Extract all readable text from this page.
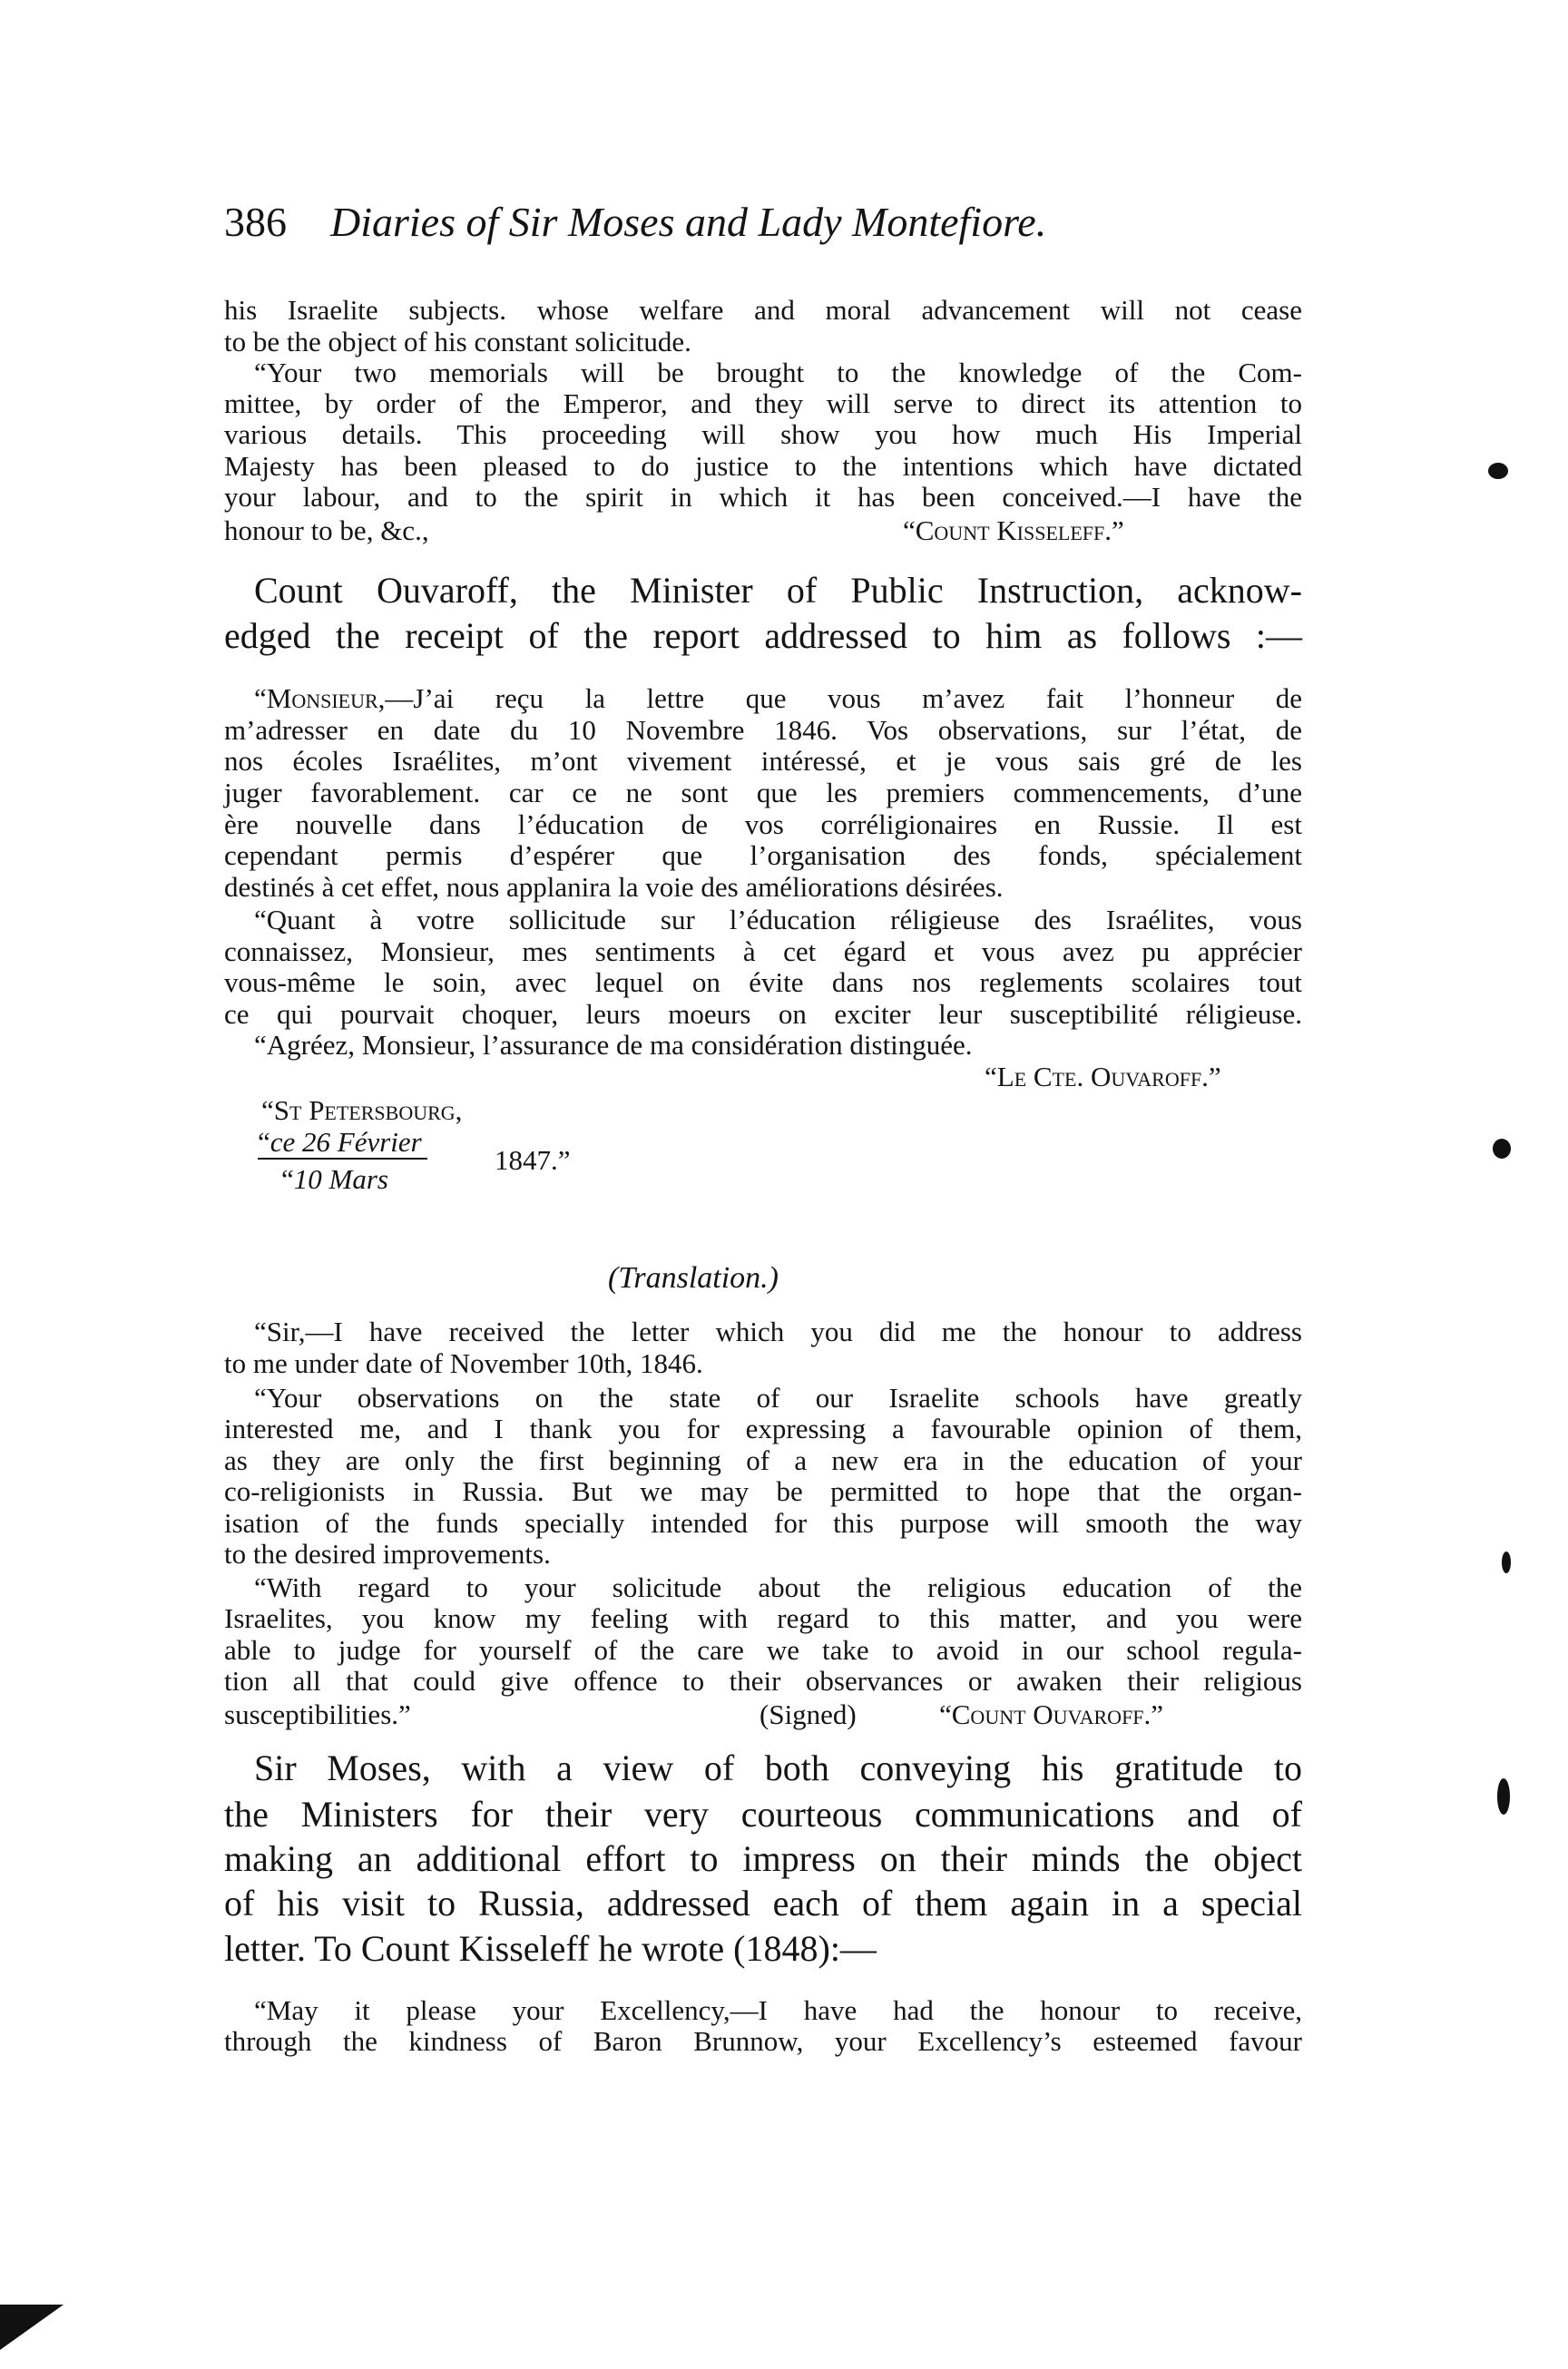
386 Diaries of Sir Moses and Lady Montefiore.
honour to be, &c.,	“Count Kisseleff.”
“Monsieur,—J’ai reçu la lettre que vous m’avez fait l’honneur de
“Le Cte. Ouvaroff.”
“St Petersbourg,
“ce 26 Février
“10 Mars
1847.”
(Translation.)
susceptibilities.”	(Signed)	“Count Ouvaroff.”
his Israelite subjects. whose welfare and moral advancement will not cease
to be the object of his constant solicitude.
“Your two memorials will be brought to the knowledge of the Com-
mittee, by order of the Emperor, and they will serve to direct its attention to
various details. This proceeding will show you how much His Imperial
Majesty has been pleased to do justice to the intentions which have dictated
your labour, and to the spirit in which it has been conceived.—I have the
Count Ouvaroff, the Minister of Public Instruction, acknow-
edged the receipt of the report addressed to him as follows :—
m’adresser en date du 10 Novembre 1846. Vos observations, sur l’état, de
nos écoles Israélites, m’ont vivement intéressé, et je vous sais gré de les
juger favorablement. car ce ne sont que les premiers commencements, d’une
ère nouvelle dans l’éducation de vos corréligionaires en Russie. Il est
cependant permis d’espérer que l’organisation des fonds, spécialement
destinés à cet effet, nous applanira la voie des améliorations désirées.
“Quant à votre sollicitude sur l’éducation réligieuse des Israélites, vous
connaissez, Monsieur, mes sentiments à cet égard et vous avez pu apprécier
vous-même le soin, avec lequel on évite dans nos reglements scolaires tout
ce qui pourvait choquer, leurs moeurs on exciter leur susceptibilité réligieuse.
“Agréez, Monsieur, l’assurance de ma considération distinguée.
“Sir,—I have received the letter which you did me the honour to address
to me under date of November 10th, 1846.
“Your observations on the state of our Israelite schools have greatly
interested me, and I thank you for expressing a favourable opinion of them,
as they are only the first beginning of a new era in the education of your
co-religionists in Russia. But we may be permitted to hope that the organ-
isation of the funds specially intended for this purpose will smooth the way
to the desired improvements.
“With regard to your solicitude about the religious education of the
Israelites, you know my feeling with regard to this matter, and you were
able to judge for yourself of the care we take to avoid in our school regula-
tion all that could give offence to their observances or awaken their religious
Sir Moses, with a view of both conveying his gratitude to
the Ministers for their very courteous communications and of
making an additional effort to impress on their minds the object
of his visit to Russia, addressed each of them again in a special
letter. To Count Kisseleff he wrote (1848):—
“May it please your Excellency,—I have had the honour to receive,
through the kindness of Baron Brunnow, your Excellency’s esteemed favour
